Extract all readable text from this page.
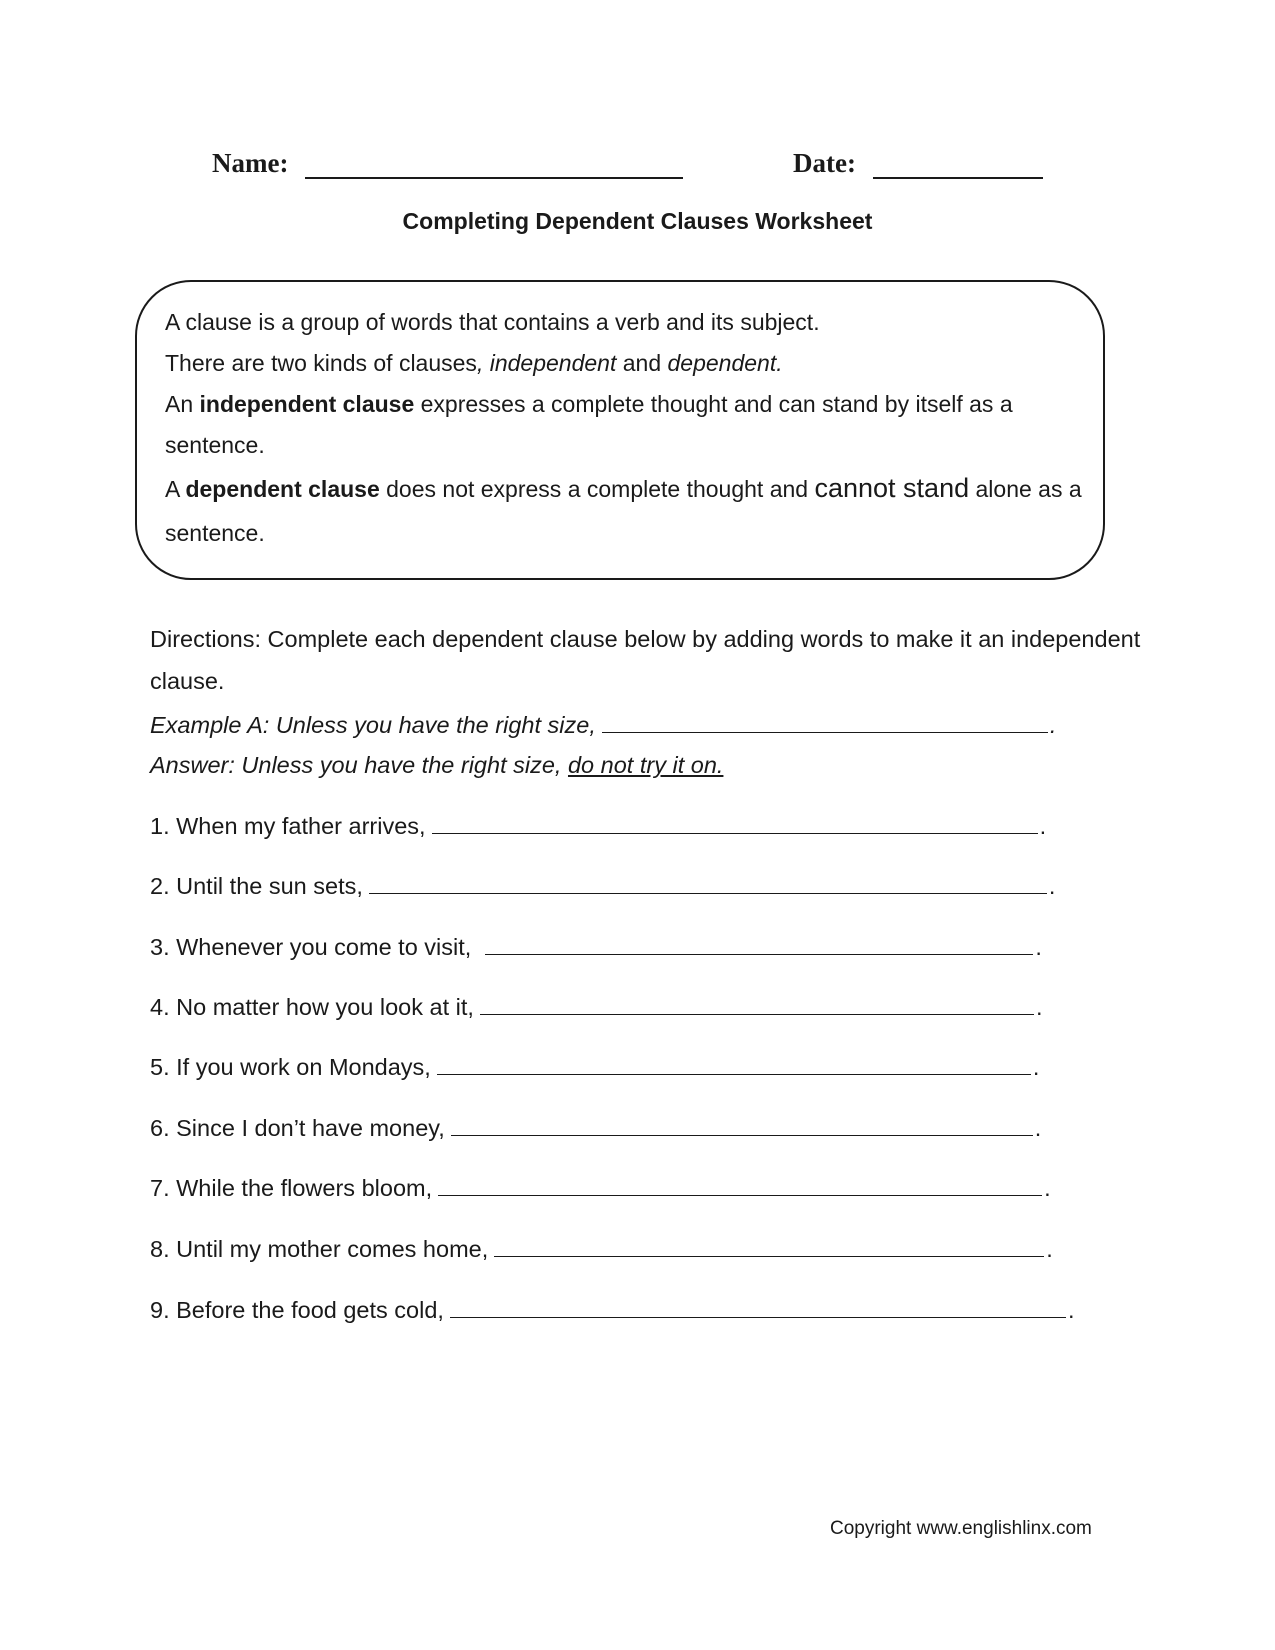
Name:	Date:
Completing Dependent Clauses Worksheet

A clause is a group of words that contains a verb and its subject.

There are two kinds of clauses, independent and dependent.

An independent clause expresses a complete thought and can stand by itself as a sentence.

A dependent clause does not express a complete thought and cannot stand alone as a sentence.

Directions: Complete each dependent clause below by adding words to make it an independent clause.
Example A: Unless you have the right size,	.
Answer: Unless you have the right size, do not try it on.
1. When my father arrives,	.
2. Until the sun sets,	.
3. Whenever you come to visit,	.
4. No matter how you look at it,	.
5. If you work on Mondays,	.
6. Since I don’t have money,	.
7. While the flowers bloom,	.
8. Until my mother comes home,	.
9. Before the food gets cold,	.
Copyright www.englishlinx.com
